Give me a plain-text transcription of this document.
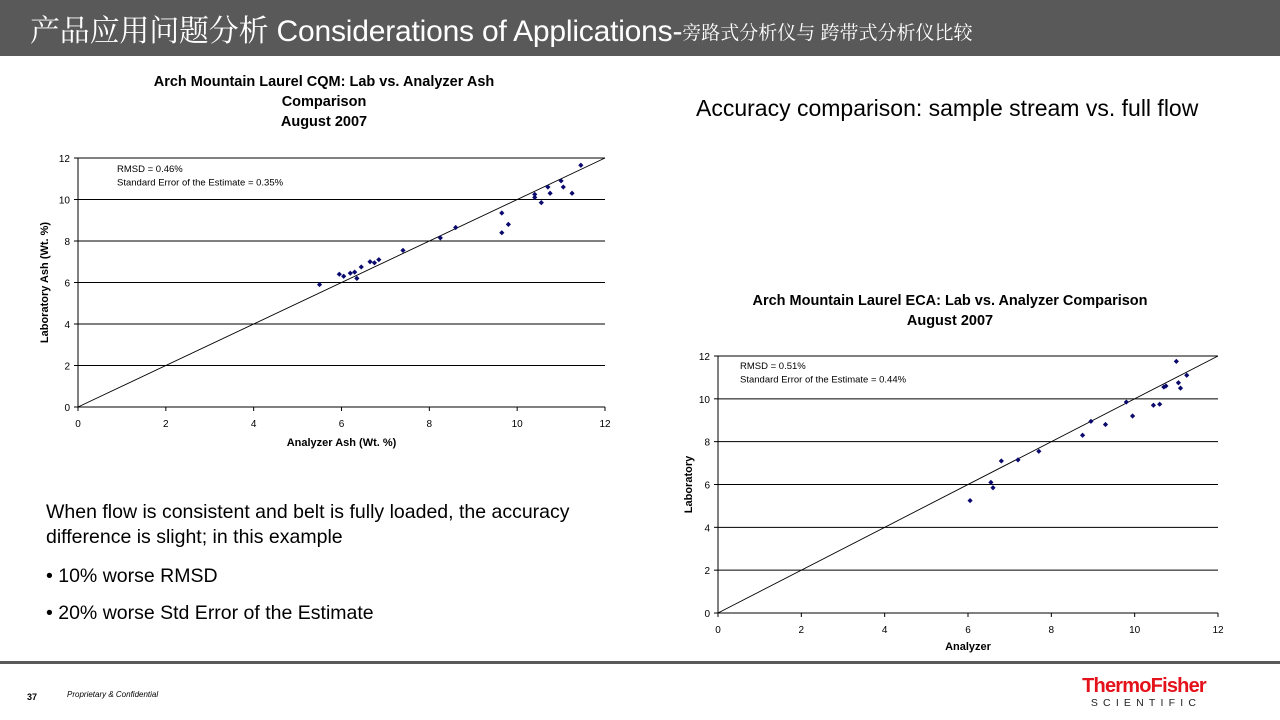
产品应用问题分析 Considerations of Applications- 旁路式分析仪与 跨带式分析仪比较
Arch Mountain Laurel CQM: Lab vs. Analyzer Ash
Comparison
August 2007
0	2	4	6	8	10	12
0
2
4
6
8
10
12
Analyzer Ash (Wt. %)
Laboratory Ash (Wt. %)
RMSD = 0.46%
Standard Error of the Estimate = 0.35%
Accuracy comparison: sample stream vs. full flow
Arch Mountain Laurel ECA: Lab vs. Analyzer Comparison
August 2007
0	2	4	6	8	10	12
0
2
4
6
8
10
12
Analyzer
Laboratory
RMSD = 0.51%
Standard Error of the Estimate = 0.44%
When flow is consistent and belt is fully loaded, the accuracy difference is slight; in this example
• 10% worse RMSD
• 20% worse Std Error of the Estimate
37	Proprietary & Confidential	ThermoFisher
SCIENTIFIC
